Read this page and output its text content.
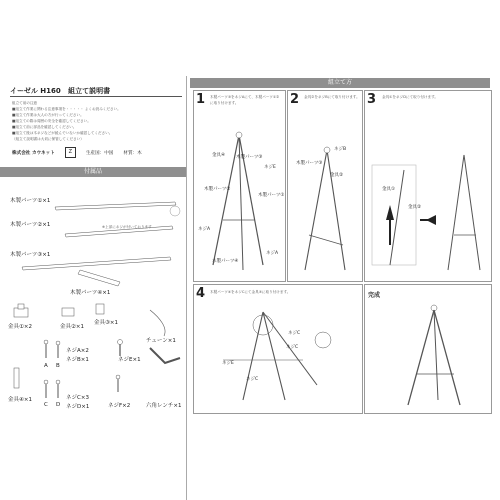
イーゼル H160 組立て説明書
組立て前の注意
■組立て作業に関わる注意事項を・・・・・ よくお読みください。
■組立て作業は大人の方が行ってください。
■組立ての際は周囲の安全を確認してください。
■組立て前に部品を確認してください。
■組立て後は木ネジなどが緩んでいないか確認してください。
（組立て説明書は大切に保管してください）
株式会社 カウネット	Z	生産国：中国 材質：木
付属品
木製パーツ①×1
木製パーツ②×1	※上部にネジが付いております
木製パーツ③×1
木製パーツ④×1
金具①×2	金具②×1
金具③×1
チェーン×1
ネジA×2
ネジB×1	ネジE×1
A B
金具④×1	ネジC×3
ネジD×1
C D	ネジF×2	六角レンチ×1
組立て方
1 木製パーツ③をネジAにて、木製パーツ①②に取り付けます。	2 金具②をネジBにて取り付けます。 3 金具①をネジDにて取り付けます。
4 木製パーツ④をネジCにて金具③に取り付けます。	完成
木製パーツ③
ネジE
金具④
木製パーツ②
木製パーツ①
ネジA
木製パーツ④
ネジA
ネジB
木製パーツ③
金具②
金具①
金具②
ネジC
ネジC
ネジE
ネジC
